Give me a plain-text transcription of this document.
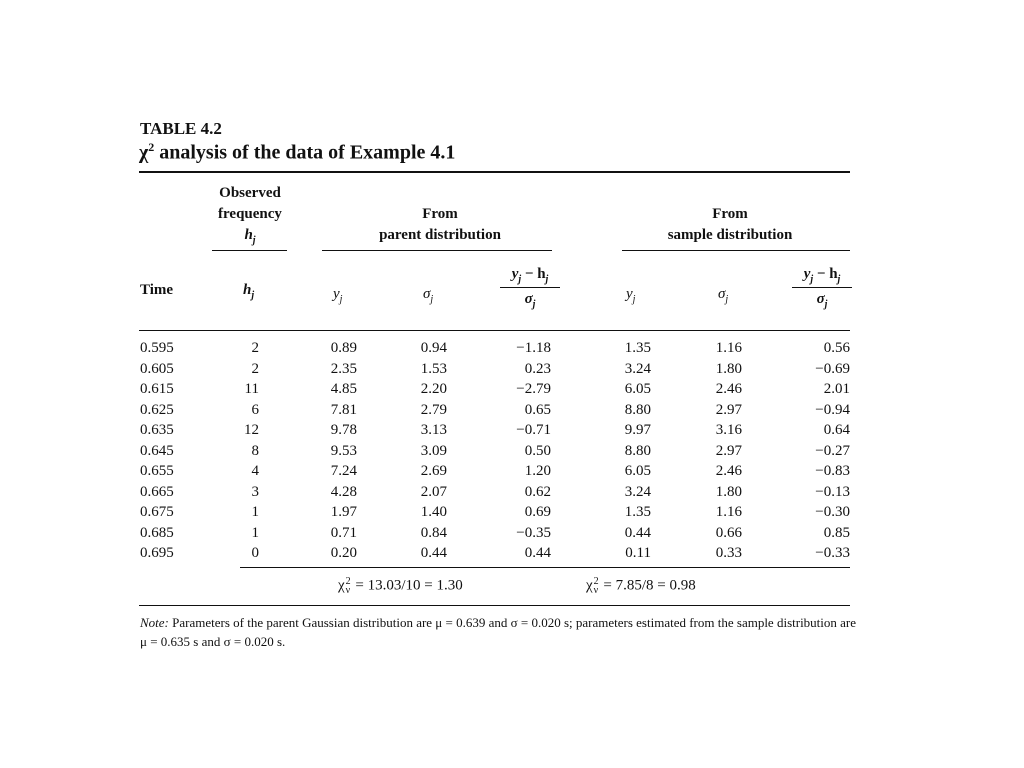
TABLE 4.2
$\chi^2$ analysis of the data of Example 4.1
Observed
frequency
$h_j$
From
parent distribution
From
sample distribution
Time	$h_j$	$y_j$	$\sigma_j$	$\frac{y_j - h_j}{\sigma_j}$	$y_j$	$\sigma_j$	$\frac{y_j - h_j}{\sigma_j}$
0.595	2	0.89	0.94	−1.18	1.35	1.16	0.56
0.605	2	2.35	1.53	0.23	3.24	1.80	−0.69
0.615	11	4.85	2.20	−2.79	6.05	2.46	2.01
0.625	6	7.81	2.79	0.65	8.80	2.97	−0.94
0.635	12	9.78	3.13	−0.71	9.97	3.16	0.64
0.645	8	9.53	3.09	0.50	8.80	2.97	−0.27
0.655	4	7.24	2.69	1.20	6.05	2.46	−0.83
0.665	3	4.28	2.07	0.62	3.24	1.80	−0.13
0.675	1	1.97	1.40	0.69	1.35	1.16	−0.30
0.685	1	0.71	0.84	−0.35	0.44	0.66	0.85
0.695	0	0.20	0.44	0.44	0.11	0.33	−0.33
χ 2
ν = 13.03/10 = 1.30	χ 2
ν = 7.85/8 = 0.98
Note: Parameters of the parent Gaussian distribution are μ = 0.639 and σ = 0.020 s; parameters estimated from the sample distribution are μ = 0.635 s and σ = 0.020 s.
